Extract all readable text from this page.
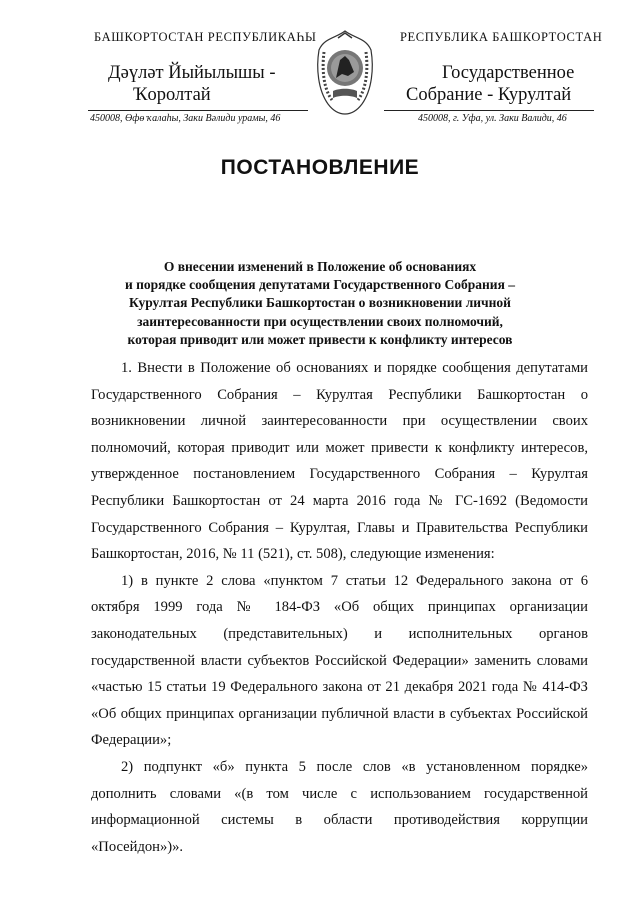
БАШКОРТОСТАН РЕСПУБЛИКАҺЫ
Дәүләт Йыйылышы -
Ҡоролтай
450008, Өфө ҡалаһы, Заки Вәлиди урамы, 46
РЕСПУБЛИКА БАШКОРТОСТАН
Государственное
Собрание - Курултай
450008, г. Уфа, ул. Заки Валиди, 46
ПОСТАНОВЛЕНИЕ
О внесении изменений в Положение об основаниях
и порядке сообщения депутатами Государственного Собрания –
Курултая Республики Башкортостан о возникновении личной
заинтересованности при осуществлении своих полномочий,
которая приводит или может привести к конфликту интересов

1. Внести в Положение об основаниях и порядке сообщения депутатами Государственного Собрания – Курултая Республики Башкортостан о возникновении личной заинтересованности при осуществлении своих полномочий, которая приводит или может привести к конфликту интересов, утвержденное постановлением Государственного Собрания – Курултая Республики Башкортостан от 24 марта 2016 года № ГС-1692 (Ведомости Государственного Собрания – Курултая, Главы и Правительства Республики Башкортостан, 2016, № 11 (521), ст. 508), следующие изменения:

1) в пункте 2 слова «пунктом 7 статьи 12 Федерального закона от 6 октября 1999 года № 184-ФЗ «Об общих принципах организации законодательных (представительных) и исполнительных органов государственной власти субъектов Российской Федерации» заменить словами «частью 15 статьи 19 Федерального закона от 21 декабря 2021 года № 414-ФЗ «Об общих принципах организации публичной власти в субъектах Российской Федерации»;

2) подпункт «б» пункта 5 после слов «в установленном порядке» дополнить словами «(в том числе с использованием государственной информационной системы в области противодействия коррупции «Посейдон»)».
